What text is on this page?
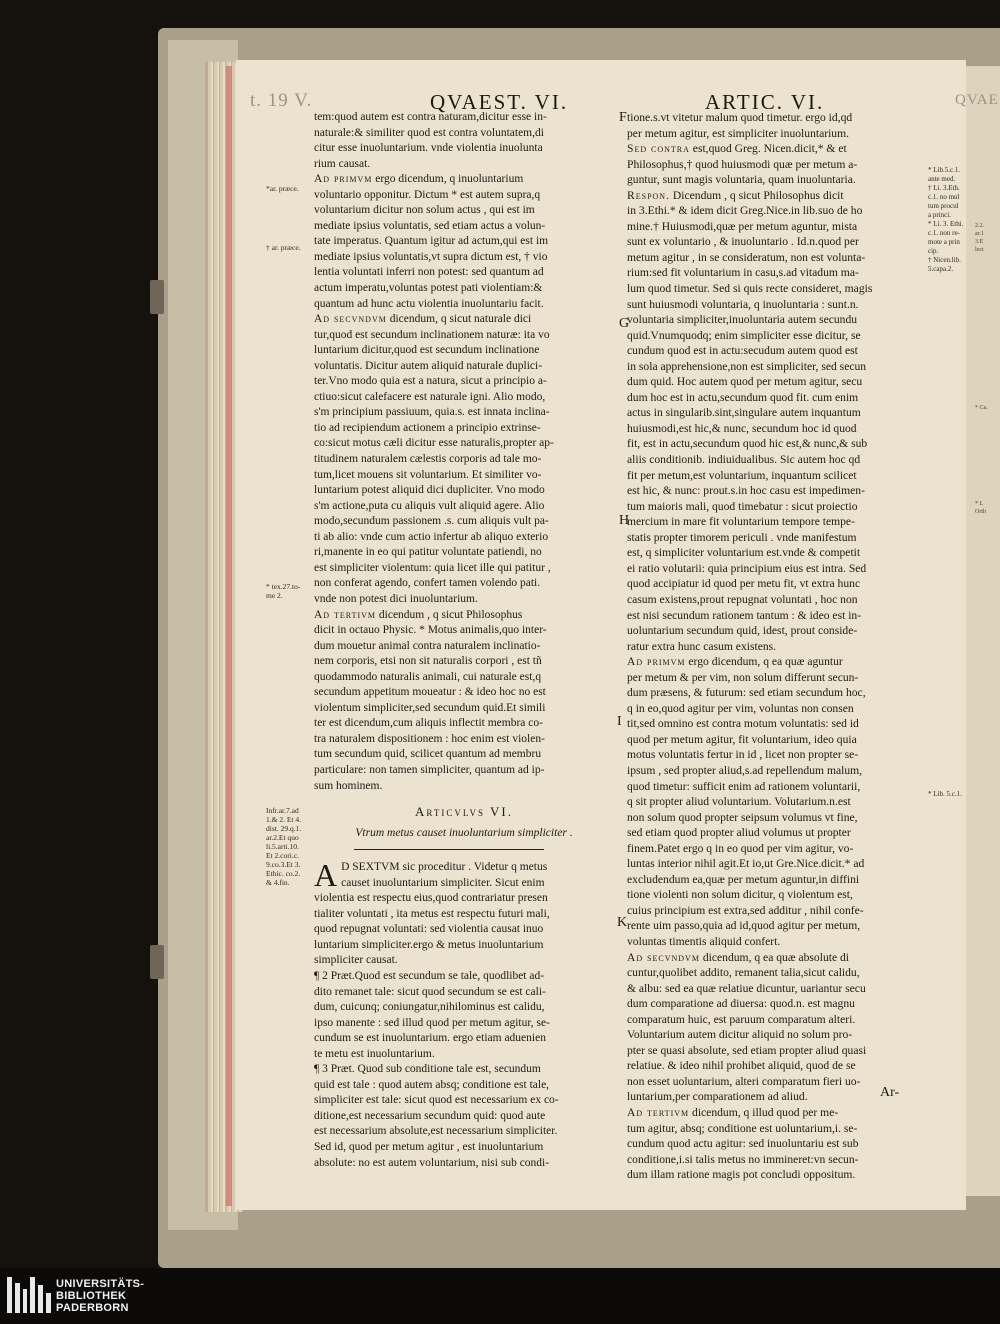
t. 19 V.	QVAEST. VI.	ARTIC. VI.	QVAE
tem:quod autem est contra naturam,dicitur esse in-
naturale:& similiter quod est contra voluntatem,di
citur esse inuoluntarium. vnde violentia inuolunta
rium causat.
Ad primvm ergo dicendum, q inuoluntarium
voluntario opponitur. Dictum * est autem supra,q
voluntarium dicitur non solum actus , qui est im
mediate ipsius voluntatis, sed etiam actus a volun-
tate imperatus. Quantum igitur ad actum,qui est im
mediate ipsius voluntatis,vt supra dictum est, † vio
lentia voluntati inferri non potest: sed quantum ad
actum imperatu,voluntas potest pati violentiam:&
quantum ad hunc actu violentia inuoluntariu facit.
Ad secvndvm dicendum, q sicut naturale dici
tur,quod est secundum inclinationem naturæ: ita vo
luntarium dicitur,quod est secundum inclinatione
voluntatis. Dicitur autem aliquid naturale duplici-
ter.Vno modo quia est a natura, sicut a principio a-
ctiuo:sicut calefacere est naturale igni. Alio modo,
s'm principium passiuum, quia.s. est innata inclina-
tio ad recipiendum actionem a principio extrinse-
co:sicut motus cæli dicitur esse naturalis,propter ap-
titudinem naturalem cælestis corporis ad tale mo-
tum,licet mouens sit voluntarium. Et similiter vo-
luntarium potest aliquid dici dupliciter. Vno modo
s'm actione,puta cu aliquis vult aliquid agere. Alio
modo,secundum passionem .s. cum aliquis vult pa-
ti ab alio: vnde cum actio infertur ab aliquo exterio
ri,manente in eo qui patitur voluntate patiendi, no
est simpliciter violentum: quia licet ille qui patitur ,
non conferat agendo, confert tamen volendo pati.
vnde non potest dici inuoluntarium.
Ad tertivm dicendum , q sicut Philosophus
dicit in octauo Physic. * Motus animalis,quo inter-
dum mouetur animal contra naturalem inclinatio-
nem corporis, etsi non sit naturalis corpori , est tñ
quodammodo naturalis animali, cui naturale est,q
secundum appetitum moueatur : & ideo hoc no est
violentum simpliciter,sed secundum quid.Et simili
ter est dicendum,cum aliquis inflectit membra co-
tra naturalem dispositionem : hoc enim est violen-
tum secundum quid, scilicet quantum ad membru
particulare: non tamen simpliciter, quantum ad ip-
sum hominem.
Articvlvs VI.
Vtrum metus causet inuoluntarium simpliciter .
A D SEXTVM sic proceditur . Videtur q metus
causet inuoluntarium simpliciter. Sicut enim
violentia est respectu eius,quod contrariatur presen
tialiter voluntati , ita metus est respectu futuri mali,
quod repugnat voluntati: sed violentia causat inuo
luntarium simpliciter.ergo & metus inuoluntarium
simpliciter causat.
¶ 2 Præt.Quod est secundum se tale, quodlibet ad-
dito remanet tale: sicut quod secundum se est cali-
dum, cuicunq; coniungatur,nihilominus est calidu,
ipso manente : sed illud quod per metum agitur, se-
cundum se est inuoluntarium. ergo etiam aduenien
te metu est inuoluntarium.
¶ 3 Præt. Quod sub conditione tale est, secundum
quid est tale : quod autem absq; conditione est tale,
simpliciter est tale: sicut quod est necessarium ex co-
ditione,est necessarium secundum quid: quod aute
est necessarium absolute,est necessarium simpliciter.
Sed id, quod per metum agitur , est inuoluntarium
absolute: no est autem voluntarium, nisi sub condi-
tione.s.vt vitetur malum quod timetur. ergo id,qd
per metum agitur, est simpliciter inuoluntarium.
Sed contra est,quod Greg. Nicen.dicit,* & et
Philosophus,† quod huiusmodi quæ per metum a-
guntur, sunt magis voluntaria, quam inuoluntaria.
Respon. Dicendum , q sicut Philosophus dicit
in 3.Ethi.* & idem dicit Greg.Nice.in lib.suo de ho
mine.† Huiusmodi,quæ per metum aguntur, mista
sunt ex voluntario , & inuoluntario . Id.n.quod per
metum agitur , in se consideratum, non est volunta-
rium:sed fit voluntarium in casu,s.ad vitadum ma-
lum quod timetur. Sed si quis recte consideret, magis
sunt huiusmodi voluntaria, q inuoluntaria : sunt.n.
voluntaria simpliciter,inuoluntaria autem secundu
quid.Vnumquodq; enim simpliciter esse dicitur, se
cundum quod est in actu:secudum autem quod est
in sola apprehensione,non est simpliciter, sed secun
dum quid. Hoc autem quod per metum agitur, secu
dum hoc est in actu,secundum quod fit. cum enim
actus in singularib.sint,singulare autem inquantum
huiusmodi,est hic,& nunc, secundum hoc id quod
fit, est in actu,secundum quod hic est,& nunc,& sub
aliis conditionib. indiuidualibus. Sic autem hoc qd
fit per metum,est voluntarium, inquantum scilicet
est hic, & nunc: prout.s.in hoc casu est impedimen-
tum maioris mali, quod timebatur : sicut proiectio
mercium in mare fit voluntarium tempore tempe-
statis propter timorem periculi . vnde manifestum
est, q simpliciter voluntarium est.vnde & competit
ei ratio volutarii: quia principium eius est intra. Sed
quod accipiatur id quod per metu fit, vt extra hunc
casum existens,prout repugnat voluntati , hoc non
est nisi secundum rationem tantum : & ideo est in-
uoluntarium secundum quid, idest, prout conside-
ratur extra hunc casum existens.
Ad primvm ergo dicendum, q ea quæ aguntur
per metum & per vim, non solum differunt secun-
dum præsens, & futurum: sed etiam secundum hoc,
q in eo,quod agitur per vim, voluntas non consen
tit,sed omnino est contra motum voluntatis: sed id
quod per metum agitur, fit voluntarium, ideo quia
motus voluntatis fertur in id , licet non propter se-
ipsum , sed propter aliud,s.ad repellendum malum,
quod timetur: sufficit enim ad rationem voluntarii,
q sit propter aliud voluntarium. Volutarium.n.est
non solum quod propter seipsum volumus vt fine,
sed etiam quod propter aliud volumus ut propter
finem.Patet ergo q in eo quod per vim agitur, vo-
luntas interior nihil agit.Et io,ut Gre.Nice.dicit.* ad
excludendum ea,quæ per metum aguntur,in diffini
tione violenti non solum dicitur, q violentum est,
cuius principium est extra,sed additur , nihil confe-
rente uim passo,quia ad id,quod agitur per metum,
voluntas timentis aliquid confert.
Ad secvndvm dicendum, q ea quæ absolute di
cuntur,quolibet addito, remanent talia,sicut calidu,
& albu: sed ea quæ relatiue dicuntur, uariantur secu
dum comparatione ad diuersa: quod.n. est magnu
comparatum huic, est paruum comparatum alteri.
Voluntarium autem dicitur aliquid no solum pro-
pter se quasi absolute, sed etiam propter aliud quasi
relatiue. & ideo nihil prohibet aliquid, quod de se
non esset uoluntarium, alteri comparatum fieri uo-
luntarium,per comparationem ad aliud.
Ad tertivm dicendum, q illud quod per me-
tum agitur, absq; conditione est uoluntarium,i. se-
cundum quod actu agitur: sed inuoluntariu est sub
conditione,i.si talis metus no immineret:vn secun-
dum illam ratione magis pot concludi oppositum.
Ar-
*ar. præce.
† ar. præce.
* tex.27.to-
me 2.
Infr.ar.7.ad
1.& 2. Et 4.
dist. 29.q.1.
ar.2.Et quo
li.5.arti.10.
Et 2.cori.c.
9.co.3.Et 3.
Ethic. co.2.
& 4.fin.
* Lib.5.c.1.
ante med.
† Li. 3.Eth.
c.1. no mul
tum procul
a princi.
* Li. 3. Ethi.
c.1. non re-
mote a prin
cip.
† Nicen.lib.
5.capa.2.
* Lib. 5.c.1.
F
G
H
I
K
2.2.
ar.1
3.E
lect
* Ca.
* L
Orth
UNIVERSITÄTS-
BIBLIOTHEK
PADERBORN
